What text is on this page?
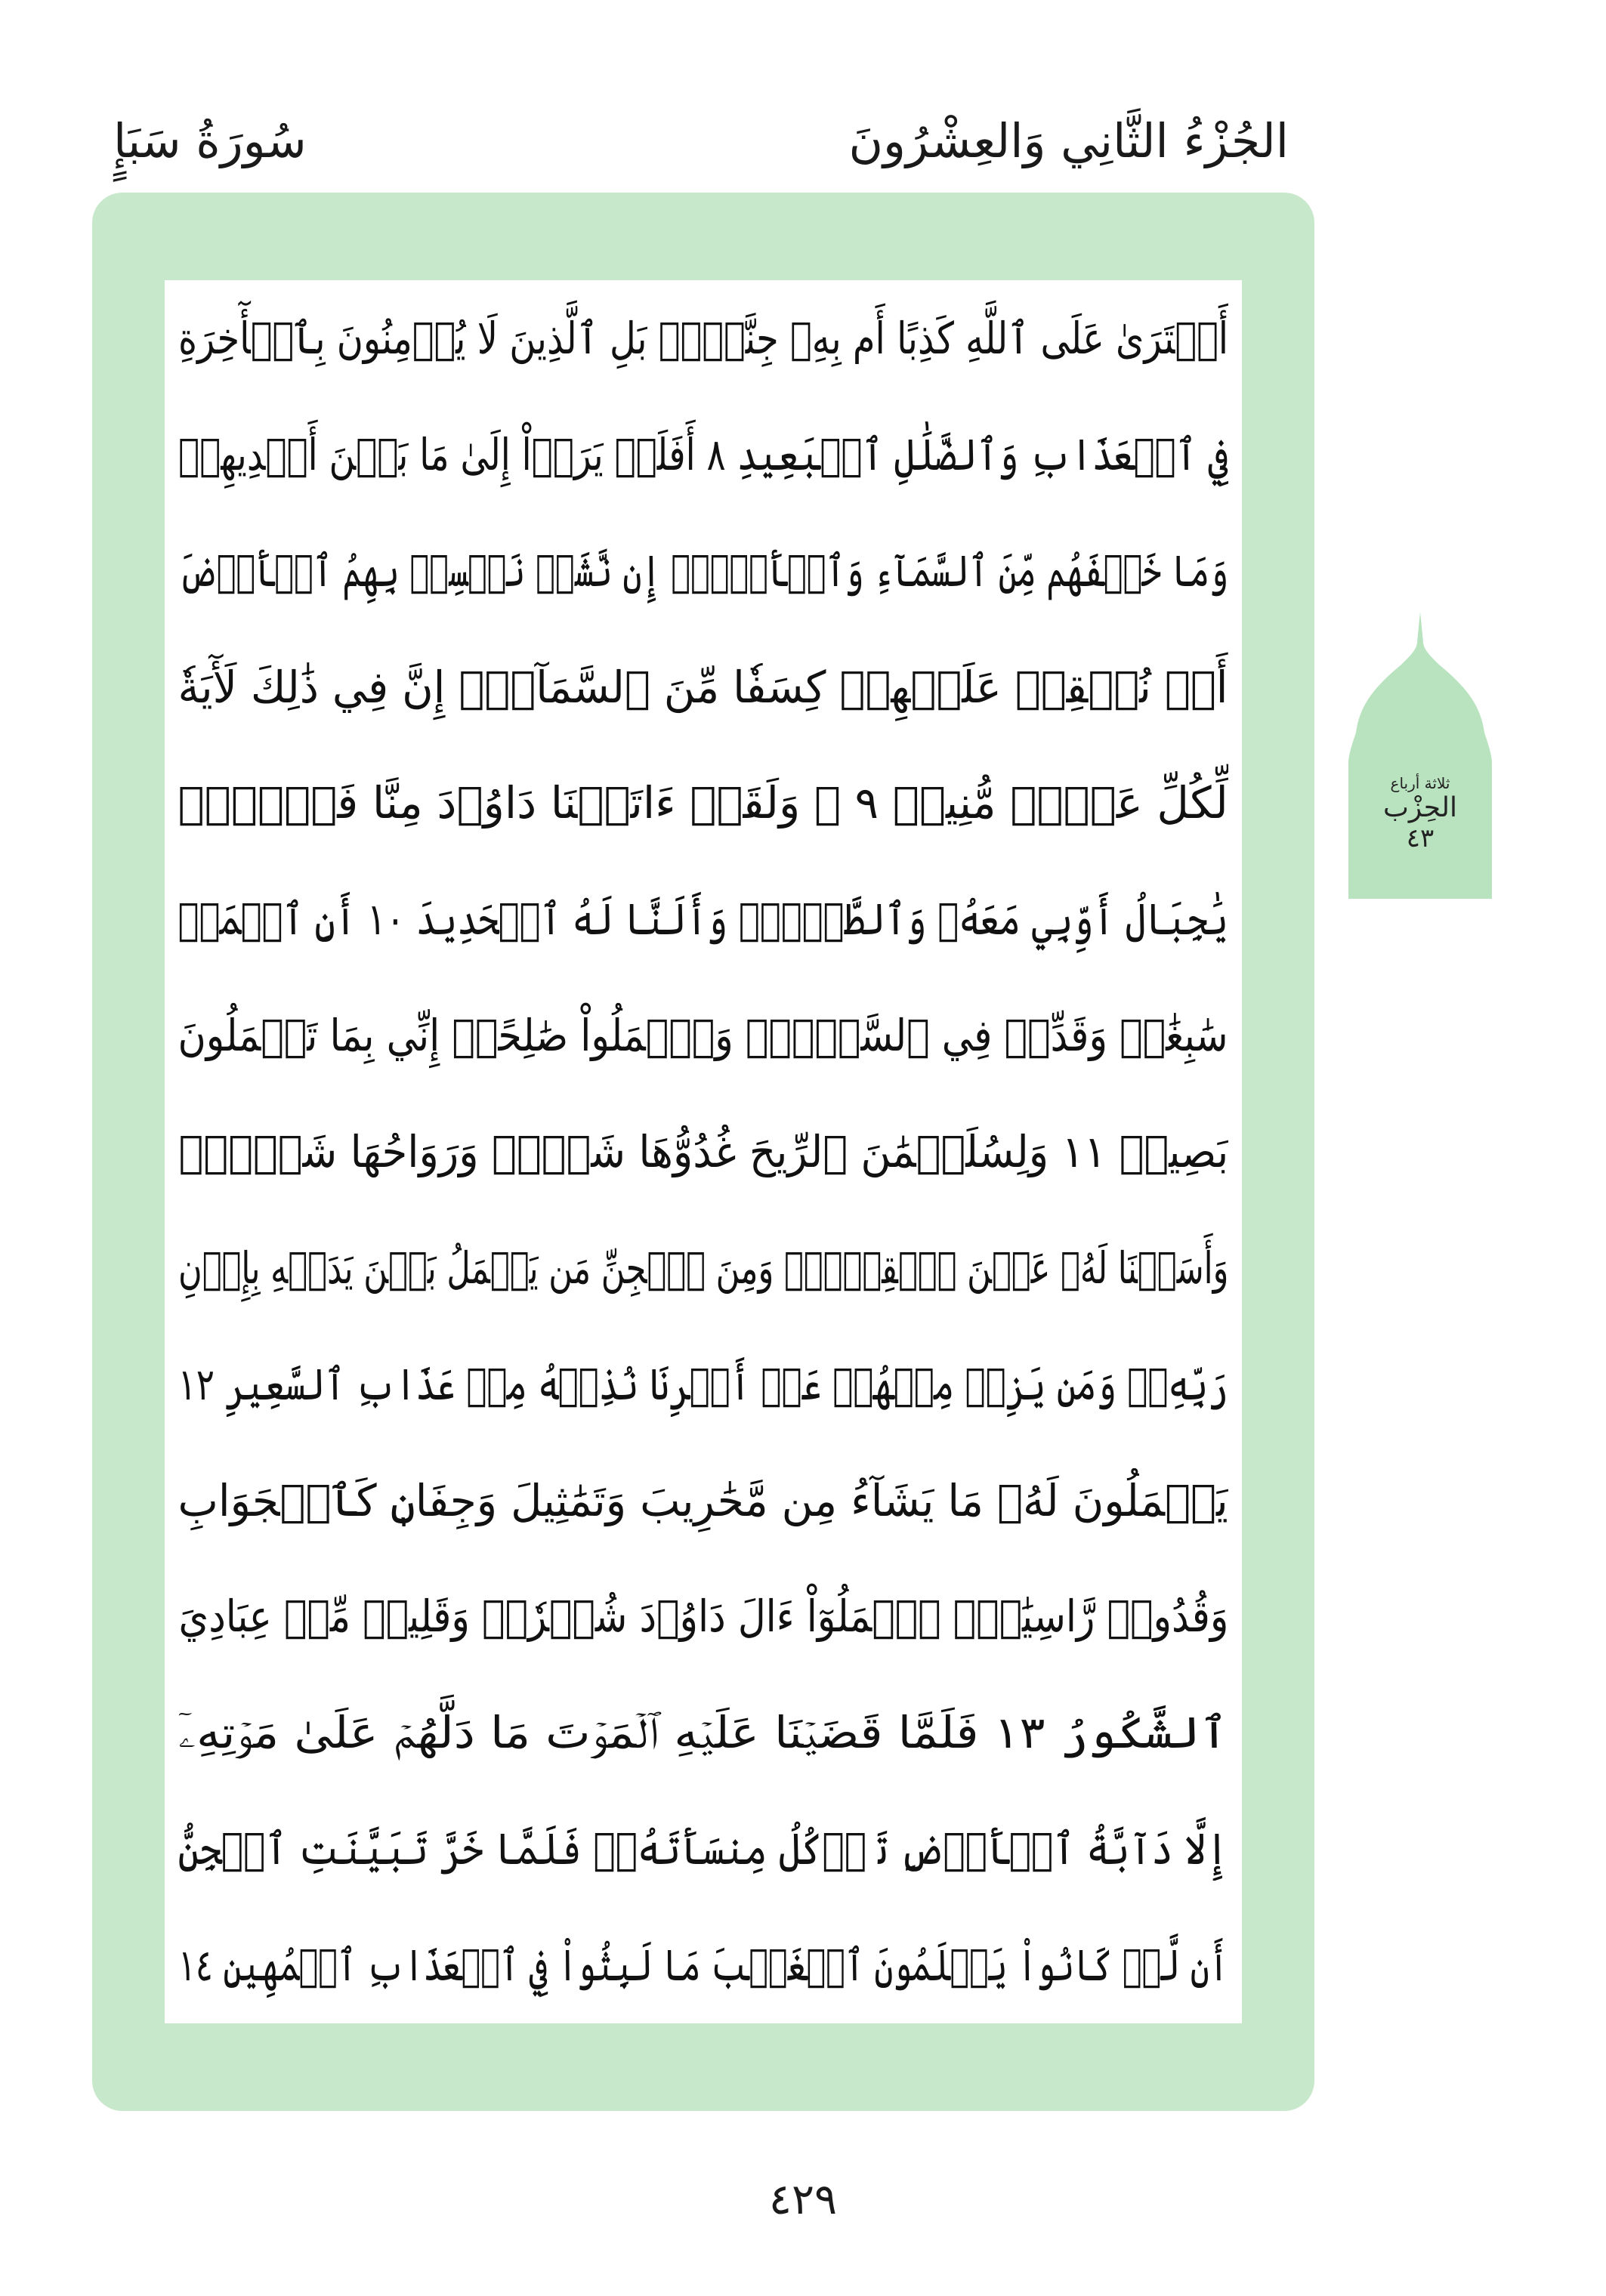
الجُزْءُ الثَّانِي وَالعِشْرُونَ
سُورَةُ سَبَإٍ
أَفۡتَرَىٰ عَلَى ٱللَّهِ كَذِبًا أَم بِهِۦ جِنَّةُۢۗ بَلِ ٱلَّذِينَ لَا يُؤۡمِنُونَ بِٱلۡأٓخِرَةِ
فِي ٱلۡعَذَابِ وَٱلضَّلَٰلِ ٱلۡبَعِيدِ ٨ أَفَلَمۡ يَرَوۡاْ إِلَىٰ مَا بَيۡنَ أَيۡدِيهِمۡ
وَمَا خَلۡفَهُم مِّنَ ٱلسَّمَآءِ وَٱلۡأَرۡضِۚ إِن نَّشَأۡ نَخۡسِفۡ بِهِمُ ٱلۡأَرۡضَ
أَوۡ نُسۡقِطۡ عَلَيۡهِمۡ كِسَفٗا مِّنَ ٱلسَّمَآءِۚ إِنَّ فِي ذَٰلِكَ لَأٓيَةٗ
لِّكُلِّ عَبۡدٖ مُّنِيبٖ ٩ ۞ وَلَقَدۡ ءَاتَيۡنَا دَاوُۥدَ مِنَّا فَضۡلٗاۖ
يَٰجِبَالُ أَوِّبِي مَعَهُۥ وَٱلطَّيۡرَۖ وَأَلَنَّا لَهُ ٱلۡحَدِيدَ ١٠ أَنِ ٱعۡمَلۡ
سَٰبِغَٰتٖ وَقَدِّرۡ فِي ٱلسَّرۡدِۖ وَٱعۡمَلُواْ صَٰلِحًاۖ إِنِّي بِمَا تَعۡمَلُونَ
بَصِيرٞ ١١ وَلِسُلَيۡمَٰنَ ٱلرِّيحَ غُدُوُّهَا شَهۡرٞ وَرَوَاحُهَا شَهۡرٞۖ
وَأَسَلۡنَا لَهُۥ عَيۡنَ ٱلۡقِطۡرِۖ وَمِنَ ٱلۡجِنِّ مَن يَعۡمَلُ بَيۡنَ يَدَيۡهِ بِإِذۡنِ
رَبِّهِۦۖ وَمَن يَزِغۡ مِنۡهُمۡ عَنۡ أَمۡرِنَا نُذِقۡهُ مِنۡ عَذَابِ ٱلسَّعِيرِ ١٢
يَعۡمَلُونَ لَهُۥ مَا يَشَآءُ مِن مَّحَٰرِيبَ وَتَمَٰثِيلَ وَجِفَانٖ كَٱلۡجَوَابِ
وَقُدُورٖ رَّاسِيَٰتٍۚ ٱعۡمَلُوٓاْ ءَالَ دَاوُۥدَ شُكۡرٗاۚ وَقَلِيلٞ مِّنۡ عِبَادِيَ
ٱلشَّكُورُ ١٣ فَلَمَّا قَضَيۡنَا عَلَيۡهِ ٱلۡمَوۡتَ مَا دَلَّهُمۡ عَلَىٰ مَوۡتِهِۦٓ
إِلَّا دَآبَّةُ ٱلۡأَرۡضِ تَأۡكُلُ مِنسَأَتَهُۥۖ فَلَمَّا خَرَّ تَبَيَّنَتِ ٱلۡجِنُّ
أَن لَّوۡ كَانُواْ يَعۡلَمُونَ ٱلۡغَيۡبَ مَا لَبِثُواْ فِي ٱلۡعَذَابِ ٱلۡمُهِينِ ١٤
ثلاثة أرباع
الحِزْب
٤٣
٤٢٩
